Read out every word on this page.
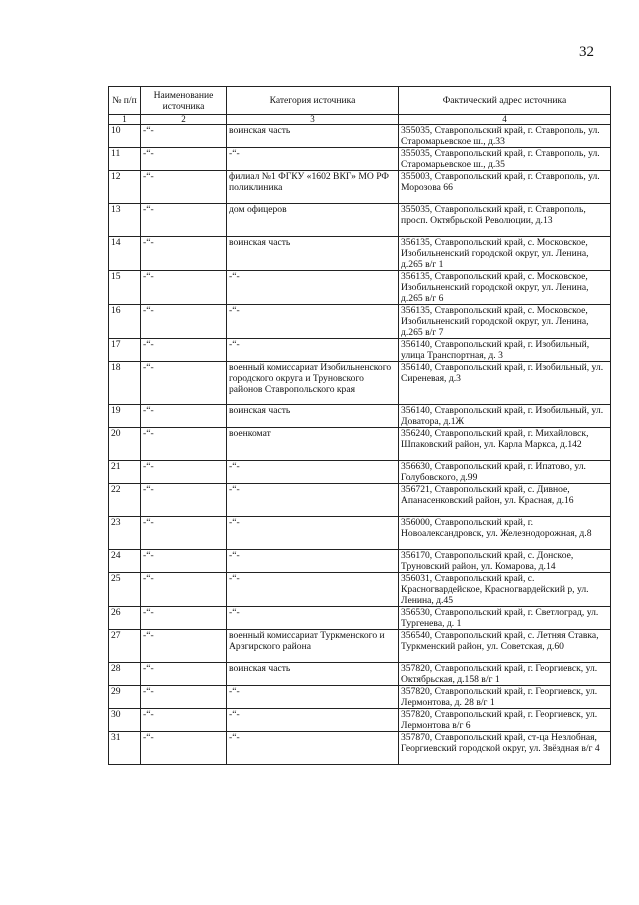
32
№ п/п	Наименование источника	Категория источника	Фактический адрес источника
1	2	3	4
10	-“-	воинская часть	355035, Ставропольский край, г. Ставрополь, ул. Старомарьевское ш., д.33
11	-“-	-“-	355035, Ставропольский край, г. Ставрополь, ул. Старомарьевское ш., д.35
12	-“-	филиал №1 ФГКУ «1602 ВКГ» МО РФ поликлиника	355003, Ставропольский край, г. Ставрополь, ул. Морозова 66
13	-“-	дом офицеров	355035, Ставропольский край, г. Ставрополь, просп. Октябрьской Революции, д.13
14	-“-	воинская часть	356135, Ставропольский край, с. Московское, Изобильненский городской округ, ул. Ленина, д.265 в/г 1
15	-“-	-“-	356135, Ставропольский край, с. Московское, Изобильненский городской округ, ул. Ленина, д.265 в/г 6
16	-“-	-“-	356135, Ставропольский край, с. Московское, Изобильненский городской округ, ул. Ленина, д.265 в/г 7
17	-“-	-“-	356140, Ставропольский край, г. Изобильный, улица Транспортная, д. 3
18	-“-	военный комиссариат Изобильненского городского округа и Труновского районов Ставропольского края	356140, Ставропольский край, г. Изобильный, ул. Сиреневая, д.3
19	-“-	воинская часть	356140, Ставропольский край, г. Изобильный, ул. Доватора, д.1Ж
20	-“-	военкомат	356240, Ставропольский край, г. Михайловск, Шпаковский район, ул. Карла Маркса, д.142
21	-“-	-“-	356630, Ставропольский край, г. Ипатово, ул. Голубовского, д.99
22	-“-	-“-	356721, Ставропольский край, с. Дивное, Апанасенковский район, ул. Красная, д.16
23	-“-	-“-	356000, Ставропольский край, г. Новоалександровск, ул. Железнодорожная, д.8
24	-“-	-“-	356170, Ставропольский край, с. Донское, Труновский район, ул. Комарова, д.14
25	-“-	-“-	356031, Ставропольский край, с. Красногвардейское, Красногвардейский р, ул. Ленина, д.45
26	-“-	-“-	356530, Ставропольский край, г. Светлоград, ул. Тургенева, д. 1
27	-“-	военный комиссариат Туркменского и Арзгирского района	356540, Ставропольский край, с. Летняя Ставка, Туркменский район, ул. Советская, д.60
28	-“-	воинская часть	357820, Ставропольский край, г. Георгиевск, ул. Октябрьская, д.158 в/г 1
29	-“-	-“-	357820, Ставропольский край, г. Георгиевск, ул. Лермонтова, д. 28 в/г 1
30	-“-	-“-	357820, Ставропольский край, г. Георгиевск, ул. Лермонтова в/г 6
31	-“-	-“-	357870, Ставропольский край, ст-ца Незлобная, Георгиевский городской округ, ул. Звёздная в/г 4
